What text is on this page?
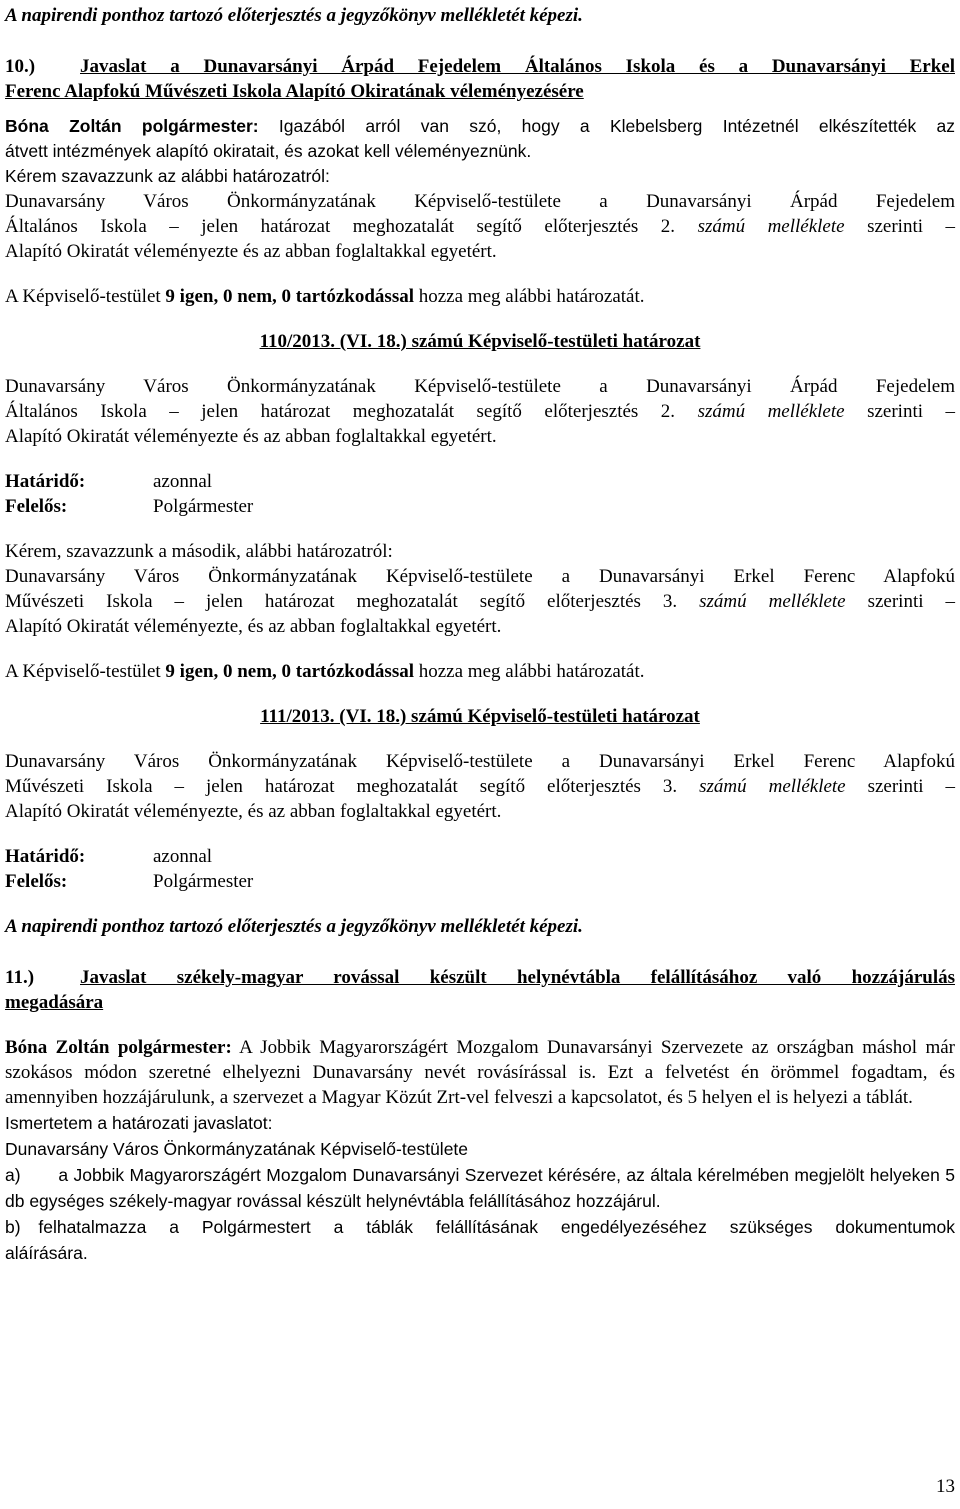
A napirendi ponthoz tartozó előterjesztés a jegyzőkönyv mellékletét képezi.

10.) Javaslat a Dunavarsányi Árpád Fejedelem Általános Iskola és a Dunavarsányi Erkel

Ferenc Alapfokú Művészeti Iskola Alapító Okiratának véleményezésére

Bóna Zoltán polgármester: Igazából arról van szó, hogy a Klebelsberg Intézetnél elkészítették az

átvett intézmények alapító okiratait, és azokat kell véleményeznünk.

Kérem szavazzunk az alábbi határozatról:

Dunavarsány Város Önkormányzatának Képviselő-testülete a Dunavarsányi Árpád Fejedelem

Általános Iskola – jelen határozat meghozatalát segítő előterjesztés 2. számú melléklete szerinti –

Alapító Okiratát véleményezte és az abban foglaltakkal egyetért.

A Képviselő-testület 9 igen, 0 nem, 0 tartózkodással hozza meg alábbi határozatát.

110/2013. (VI. 18.) számú Képviselő-testületi határozat

Dunavarsány Város Önkormányzatának Képviselő-testülete a Dunavarsányi Árpád Fejedelem

Általános Iskola – jelen határozat meghozatalát segítő előterjesztés 2. számú melléklete szerinti –

Alapító Okiratát véleményezte és az abban foglaltakkal egyetért.

Határidő:	azonnal
Felelős:	Polgármester

Kérem, szavazzunk a második, alábbi határozatról:

Dunavarsány Város Önkormányzatának Képviselő-testülete a Dunavarsányi Erkel Ferenc Alapfokú

Művészeti Iskola – jelen határozat meghozatalát segítő előterjesztés 3. számú melléklete szerinti –

Alapító Okiratát véleményezte, és az abban foglaltakkal egyetért.

A Képviselő-testület 9 igen, 0 nem, 0 tartózkodással hozza meg alábbi határozatát.

111/2013. (VI. 18.) számú Képviselő-testületi határozat

Dunavarsány Város Önkormányzatának Képviselő-testülete a Dunavarsányi Erkel Ferenc Alapfokú

Művészeti Iskola – jelen határozat meghozatalát segítő előterjesztés 3. számú melléklete szerinti –

Alapító Okiratát véleményezte, és az abban foglaltakkal egyetért.

Határidő:	azonnal
Felelős:	Polgármester

A napirendi ponthoz tartozó előterjesztés a jegyzőkönyv mellékletét képezi.

11.) Javaslat székely-magyar rovással készült helynévtábla felállításához való hozzájárulás

megadására

Bóna Zoltán polgármester: A Jobbik Magyarországért Mozgalom Dunavarsányi Szervezete az országban máshol már szokásos módon szeretné elhelyezni Dunavarsány nevét rovásírással is. Ezt a felvetést én örömmel fogadtam, és amennyiben hozzájárulunk, a szervezet a Magyar Közút Zrt-vel felveszi a kapcsolatot, és 5 helyen el is helyezi a táblát.

Ismertetem a határozati javaslatot:

Dunavarsány Város Önkormányzatának Képviselő-testülete

a) a Jobbik Magyarországért Mozgalom Dunavarsányi Szervezet kérésére, az általa kérelmében megjelölt helyeken 5 db egységes székely-magyar rovással készült helynévtábla felállításához hozzájárul.

b) felhatalmazza a Polgármestert a táblák felállításának engedélyezéséhez szükséges dokumentumok aláírására.

13
